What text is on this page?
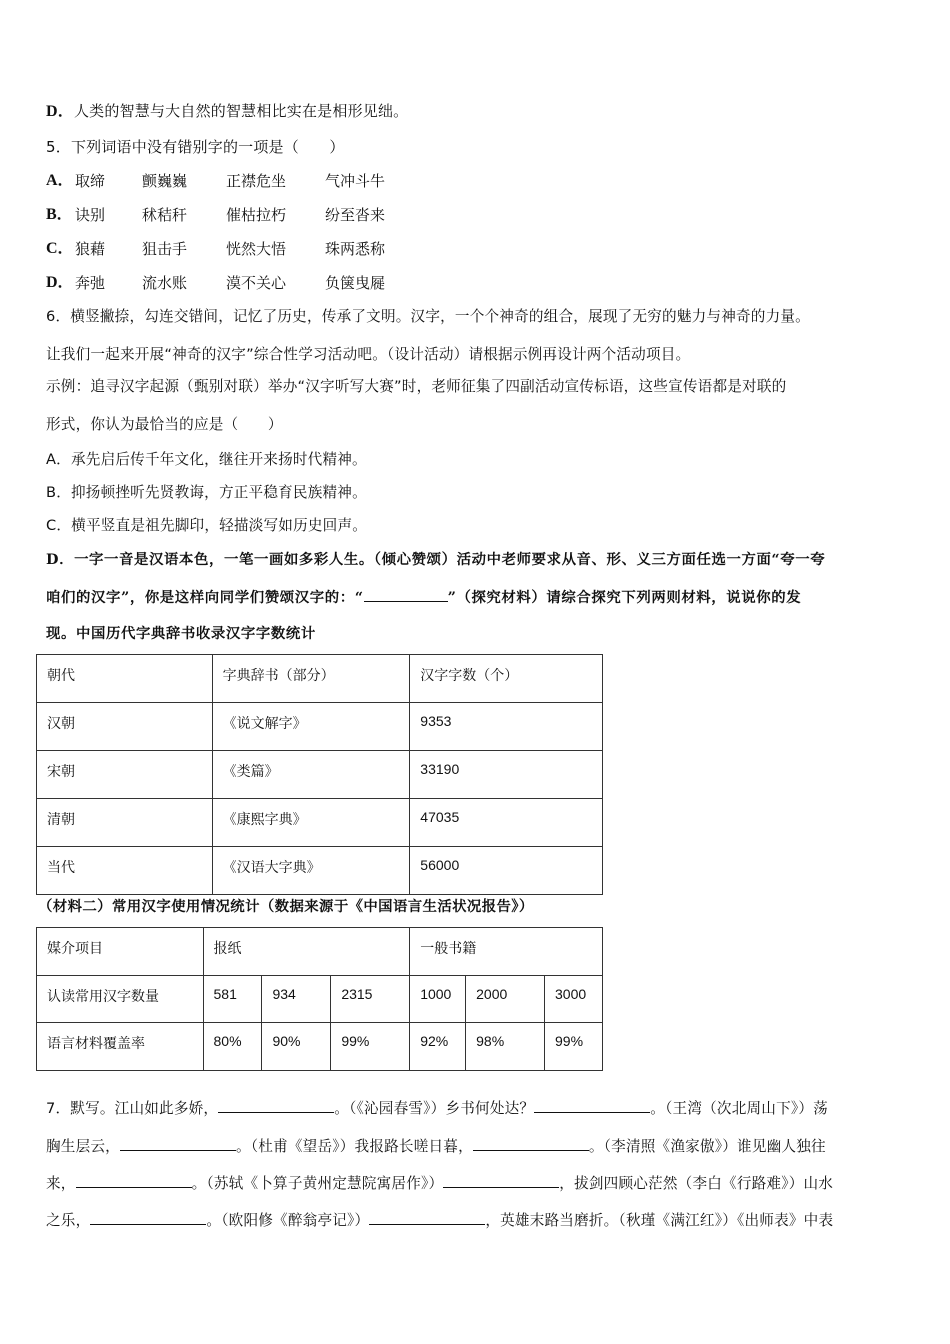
D．人类的智慧与大自然的智慧相比实在是相形见绌。
5．下列词语中没有错别字的一项是（　　）
A． 取缔 颤巍巍	正襟危坐	气冲斗牛
B． 诀别 秫秸秆	催枯拉朽	纷至沓来
C． 狼藉 狙击手	恍然大悟	珠两悉称
D． 奔弛 流水账	漠不关心	负箧曳屣
6．横竖撇捺，勾连交错间，记忆了历史，传承了文明。汉字，一个个神奇的组合，展现了无穷的魅力与神奇的力量。
让我们一起来开展“神奇的汉字”综合性学习活动吧。（设计活动）请根据示例再设计两个活动项目。
示例：追寻汉字起源（甄别对联）举办“汉字听写大赛”时，老师征集了四副活动宣传标语，这些宣传语都是对联的
形式，你认为最恰当的应是（　　）
A．承先启后传千年文化，继往开来扬时代精神。
B．抑扬顿挫听先贤教诲，方正平稳育民族精神。
C．横平竖直是祖先脚印，轻描淡写如历史回声。
D．一字一音是汉语本色，一笔一画如多彩人生。（倾心赞颂）活动中老师要求从音、形、义三方面任选一方面“夸一夸
咱们的汉字”，你是这样向同学们赞颂汉字的：“	”（探究材料）请综合探究下列两则材料，说说你的发
现。中国历代字典辞书收录汉字字数统计
朝代	字典辞书（部分）	汉字字数（个）
汉朝	《说文解字》	9353
宋朝	《类篇》	33190
清朝	《康熙字典》	47035
当代	《汉语大字典》	56000
（材料二）常用汉字使用情况统计（数据来源于《中国语言生活状况报告》）
媒介项目	报纸			一般书籍		
认读常用汉字数量	581	934	2315	1000	2000	3000
语言材料覆盖率	80%	90%	99%	92%	98%	99%
7．默写。江山如此多娇，	。（《沁园春雪》）乡书何处达？	。（王湾（次北周山下》）荡
胸生层云，	。（杜甫《望岳》）我报路长嗟日暮，	。（李清照《渔家傲》）谁见幽人独往
来，	。（苏轼《卜算子黄州定慧院寓居作》）	，拔剑四顾心茫然（李白《行路难》）山水
之乐，	。（欧阳修《醉翁亭记》）	，英雄末路当磨折。（秋瑾《满江红》）《出师表》中表
